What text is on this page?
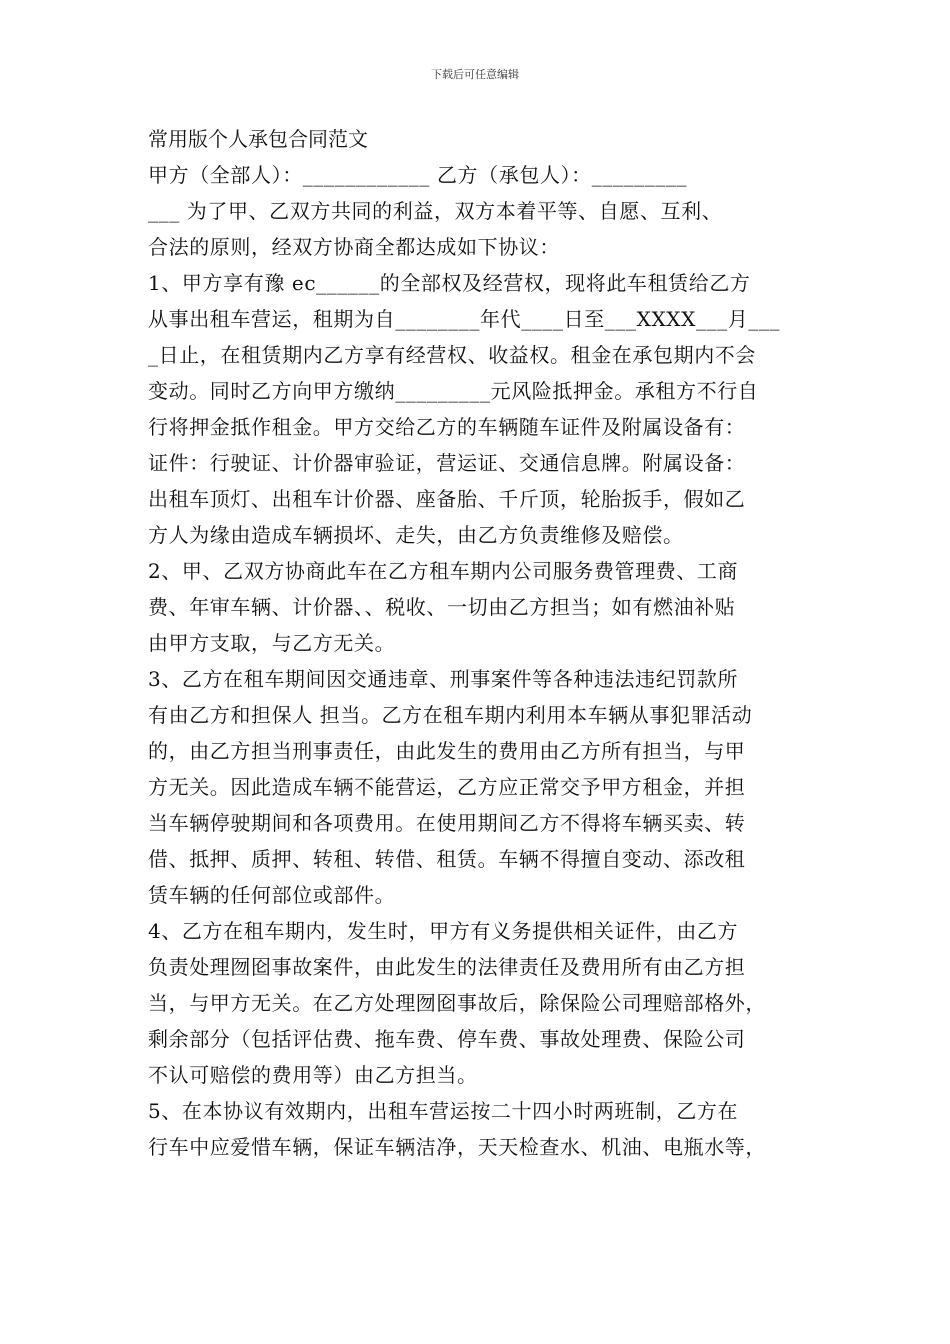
下载后可任意编辑
常用版个人承包合同范文
甲方（全部人）：____________ 乙方（承包人）：_________
___ 为了甲、乙双方共同的利益，双方本着平等、自愿、互利、
合法的原则，经双方协商全都达成如下协议：
1、甲方享有豫 ec______的全部权及经营权，现将此车租赁给乙方
从事出租车营运，租期为自________年代____日至___XXXX___月___
_日止，在租赁期内乙方享有经营权、收益权。租金在承包期内不会
变动。同时乙方向甲方缴纳_________元风险抵押金。承租方不行自
行将押金抵作租金。甲方交给乙方的车辆随车证件及附属设备有：
证件：行驶证、计价器审验证，营运证、交通信息牌。附属设备：
出租车顶灯、出租车计价器、座备胎、千斤顶，轮胎扳手，假如乙
方人为缘由造成车辆损坏、走失，由乙方负责维修及赔偿。
2、甲、乙双方协商此车在乙方租车期内公司服务费管理费、工商
费、年审车辆、计价器、、税收、一切由乙方担当；如有燃油补贴
由甲方支取，与乙方无关。
3、乙方在租车期间因交通违章、刑事案件等各种违法违纪罚款所
有由乙方和担保人 担当。乙方在租车期内利用本车辆从事犯罪活动
的，由乙方担当刑事责任，由此发生的费用由乙方所有担当，与甲
方无关。因此造成车辆不能营运，乙方应正常交予甲方租金，并担
当车辆停驶期间和各项费用。在使用期间乙方不得将车辆买卖、转
借、抵押、质押、转租、转借、租赁。车辆不得擅自变动、添改租
赁车辆的任何部位或部件。
4、乙方在租车期内，发生时，甲方有义务提供相关证件，由乙方
负责处理囫囵事故案件，由此发生的法律责任及费用所有由乙方担
当，与甲方无关。在乙方处理囫囵事故后，除保险公司理赔部格外，
剩余部分（包括评估费、拖车费、停车费、事故处理费、保险公司
不认可赔偿的费用等）由乙方担当。
5、在本协议有效期内，出租车营运按二十四小时两班制，乙方在
行车中应爱惜车辆，保证车辆洁净，天天检查水、机油、电瓶水等，
